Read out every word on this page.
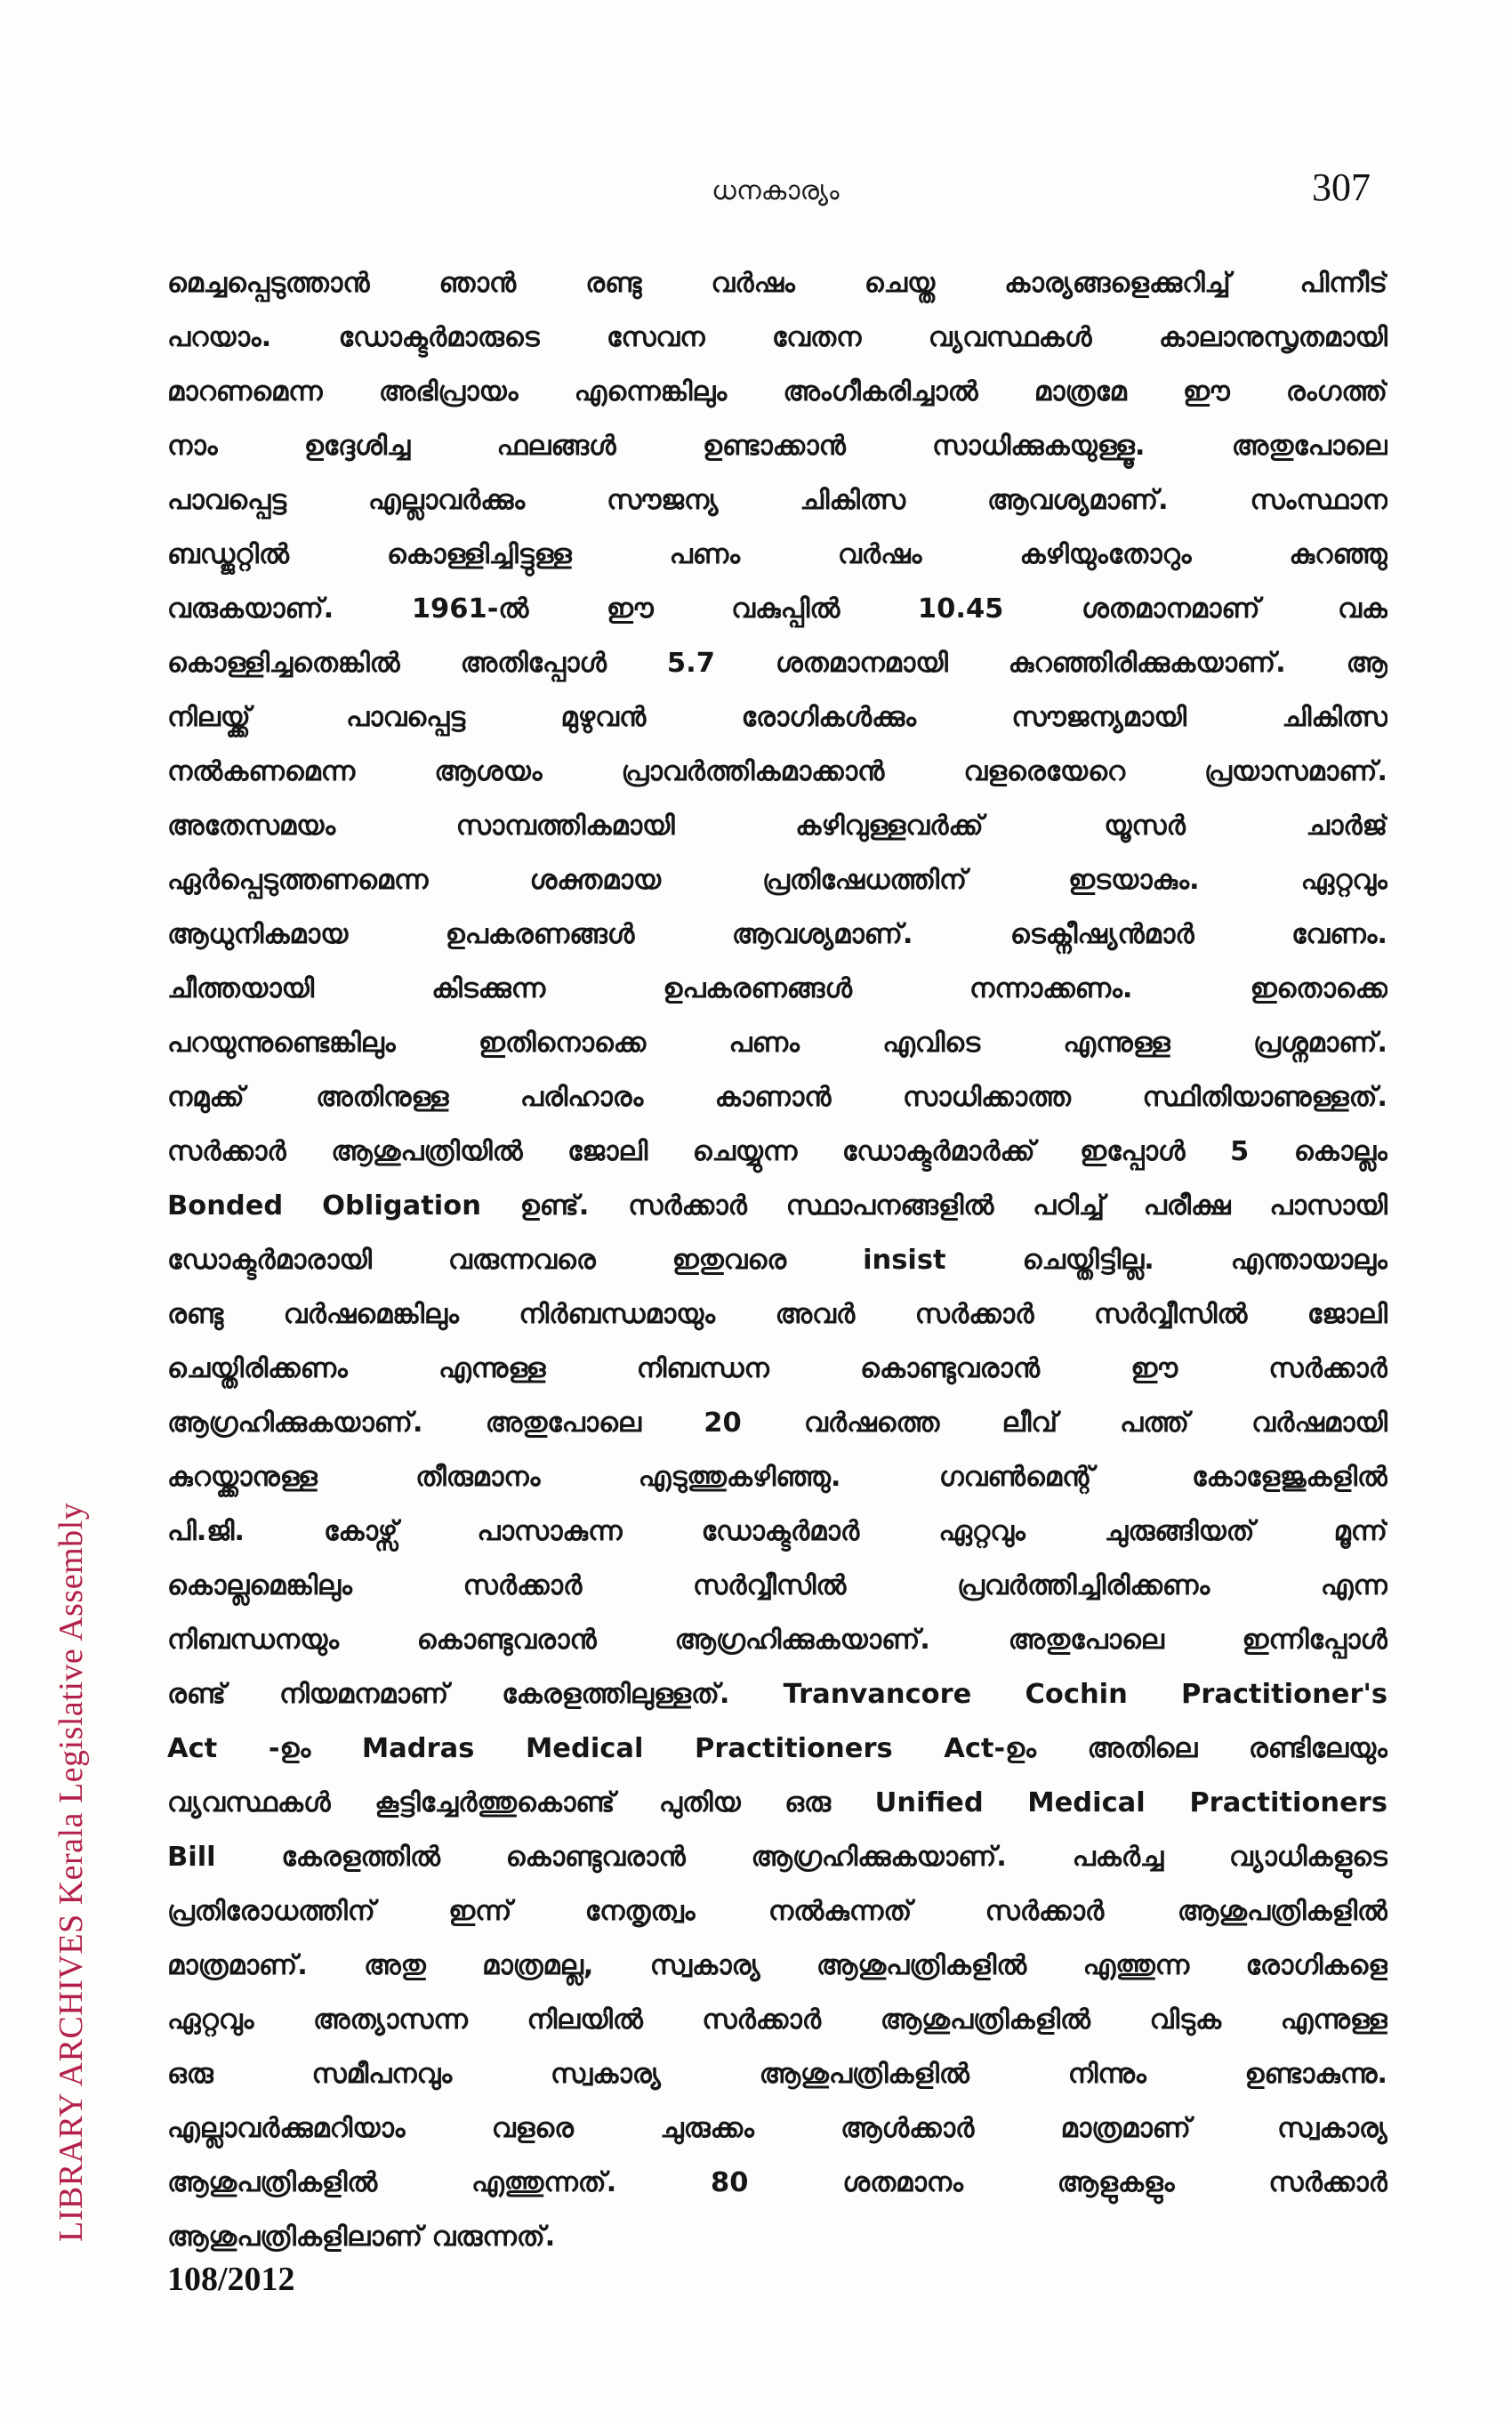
ധനകാര്യം	307
LIBRARY ARCHIVES Kerala Legislative Assembly
മെച്ചപ്പെടുത്താൻ ഞാൻ രണ്ടു വർഷം ചെയ്ത കാര്യങ്ങളെക്കുറിച്ച് പിന്നീട്
പറയാം. ഡോക്ടർമാരുടെ സേവന വേതന വ്യവസ്ഥകൾ കാലാനുസൃതമായി
മാറണമെന്ന അഭിപ്രായം എന്നെങ്കിലും അംഗീകരിച്ചാൽ മാത്രമേ ഈ രംഗത്ത്
നാം ഉദ്ദേശിച്ച ഫലങ്ങൾ ഉണ്ടാക്കാൻ സാധിക്കുകയുള്ളൂ. അതുപോലെ
പാവപ്പെട്ട എല്ലാവർക്കും സൗജന്യ ചികിത്സ ആവശ്യമാണ്. സംസ്ഥാന
ബഡ്ജറ്റിൽ കൊള്ളിച്ചിട്ടുള്ള പണം വർഷം കഴിയുംതോറും കുറഞ്ഞു
വരുകയാണ്. 1961-ൽ ഈ വകുപ്പിൽ 10.45 ശതമാനമാണ് വക
കൊള്ളിച്ചതെങ്കിൽ അതിപ്പോൾ 5.7 ശതമാനമായി കുറഞ്ഞിരിക്കുകയാണ്. ആ
നിലയ്ക്ക് പാവപ്പെട്ട മുഴുവൻ രോഗികൾക്കും സൗജന്യമായി ചികിത്സ
നൽകണമെന്ന ആശയം പ്രാവർത്തികമാക്കാൻ വളരെയേറെ പ്രയാസമാണ്.
അതേസമയം സാമ്പത്തികമായി കഴിവുള്ളവർക്ക് യൂസർ ചാർജ്
ഏർപ്പെടുത്തണമെന്ന ശക്തമായ പ്രതിഷേധത്തിന് ഇടയാകും. ഏറ്റവും
ആധുനികമായ ഉപകരണങ്ങൾ ആവശ്യമാണ്. ടെക്നീഷ്യൻമാർ വേണം.
ചീത്തയായി കിടക്കുന്ന ഉപകരണങ്ങൾ നന്നാക്കണം. ഇതൊക്കെ
പറയുന്നുണ്ടെങ്കിലും ഇതിനൊക്കെ പണം എവിടെ എന്നുള്ള പ്രശ്നമാണ്.
നമുക്ക് അതിനുള്ള പരിഹാരം കാണാൻ സാധിക്കാത്ത സ്ഥിതിയാണുള്ളത്.
സർക്കാർ ആശുപത്രിയിൽ ജോലി ചെയ്യുന്ന ഡോക്ടർമാർക്ക് ഇപ്പോൾ 5 കൊല്ലം
Bonded Obligation ഉണ്ട്. സർക്കാർ സ്ഥാപനങ്ങളിൽ പഠിച്ച് പരീക്ഷ പാസായി
ഡോക്ടർമാരായി വരുന്നവരെ ഇതുവരെ insist ചെയ്തിട്ടില്ല. എന്തായാലും
രണ്ടു വർഷമെങ്കിലും നിർബന്ധമായും അവർ സർക്കാർ സർവ്വീസിൽ ജോലി
ചെയ്തിരിക്കണം എന്നുള്ള നിബന്ധന കൊണ്ടുവരാൻ ഈ സർക്കാർ
ആഗ്രഹിക്കുകയാണ്. അതുപോലെ 20 വർഷത്തെ ലീവ് പത്ത് വർഷമായി
കുറയ്ക്കാനുള്ള തീരുമാനം എടുത്തുകഴിഞ്ഞു. ഗവൺമെന്റ് കോളേജുകളിൽ
പി.ജി. കോഴ്സ് പാസാകുന്ന ഡോക്ടർമാർ ഏറ്റവും ചുരുങ്ങിയത് മൂന്ന്
കൊല്ലമെങ്കിലും സർക്കാർ സർവ്വീസിൽ പ്രവർത്തിച്ചിരിക്കണം എന്ന
നിബന്ധനയും കൊണ്ടുവരാൻ ആഗ്രഹിക്കുകയാണ്. അതുപോലെ ഇന്നിപ്പോൾ
രണ്ട് നിയമനമാണ് കേരളത്തിലുള്ളത്. Tranvancore Cochin Practitioner's
Act -ഉം Madras Medical Practitioners Act-ഉം അതിലെ രണ്ടിലേയും
വ്യവസ്ഥകൾ കൂട്ടിച്ചേർത്തുകൊണ്ട് പുതിയ ഒരു Unified Medical Practitioners
Bill കേരളത്തിൽ കൊണ്ടുവരാൻ ആഗ്രഹിക്കുകയാണ്. പകർച്ച വ്യാധികളുടെ
പ്രതിരോധത്തിന് ഇന്ന് നേതൃത്വം നൽകുന്നത് സർക്കാർ ആശുപത്രികളിൽ
മാത്രമാണ്. അതു മാത്രമല്ല, സ്വകാര്യ ആശുപത്രികളിൽ എത്തുന്ന രോഗികളെ
ഏറ്റവും അത്യാസന്ന നിലയിൽ സർക്കാർ ആശുപത്രികളിൽ വിടുക എന്നുള്ള
ഒരു സമീപനവും സ്വകാര്യ ആശുപത്രികളിൽ നിന്നും ഉണ്ടാകുന്നു.
എല്ലാവർക്കുമറിയാം വളരെ ചുരുക്കം ആൾക്കാർ മാത്രമാണ് സ്വകാര്യ
ആശുപത്രികളിൽ എത്തുന്നത്. 80 ശതമാനം ആളുകളും സർക്കാർ
ആശുപത്രികളിലാണ് വരുന്നത്.
108/2012
